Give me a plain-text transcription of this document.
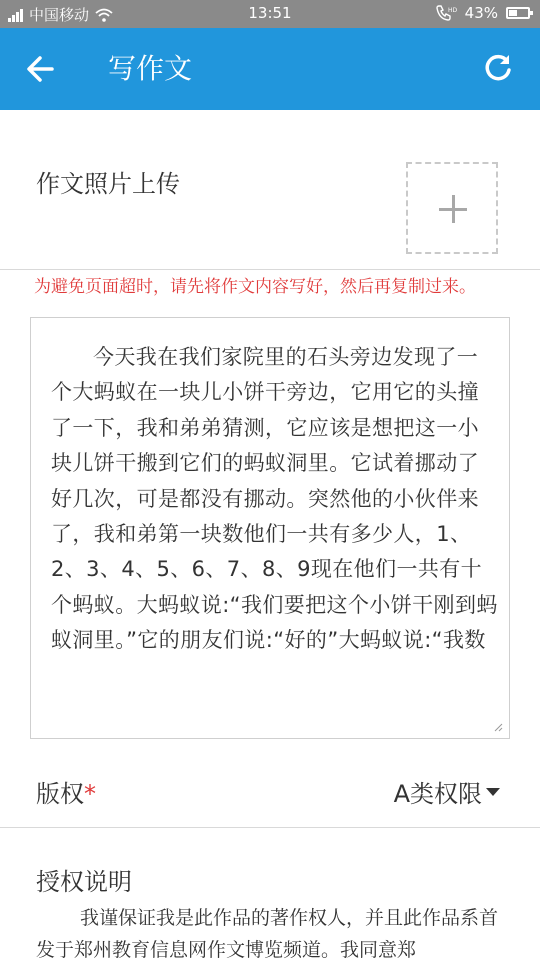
中国移动	13:51	HD 43%
写作文
作文照片上传
为避免页面超时，请先将作文内容写好，然后再复制过来。
今天我在我们家院里的石头旁边发现了一个大蚂蚁在一块儿小饼干旁边，它用它的头撞了一下，我和弟弟猜测，它应该是想把这一小块儿饼干搬到它们的蚂蚁洞里。它试着挪动了好几次，可是都没有挪动。突然他的小伙伴来了，我和弟第一块数他们一共有多少人，1、2、3、4、5、6、7、8、9现在他们一共有十个蚂蚁。大蚂蚁说:“我们要把这个小饼干刚到蚂蚁洞里。”它的朋友们说:“好的”大蚂蚁说:“我数
版权*	A类权限
授权说明
我谨保证我是此作品的著作权人，并且此作品系首发于郑州教育信息网作文博览频道。我同意郑
